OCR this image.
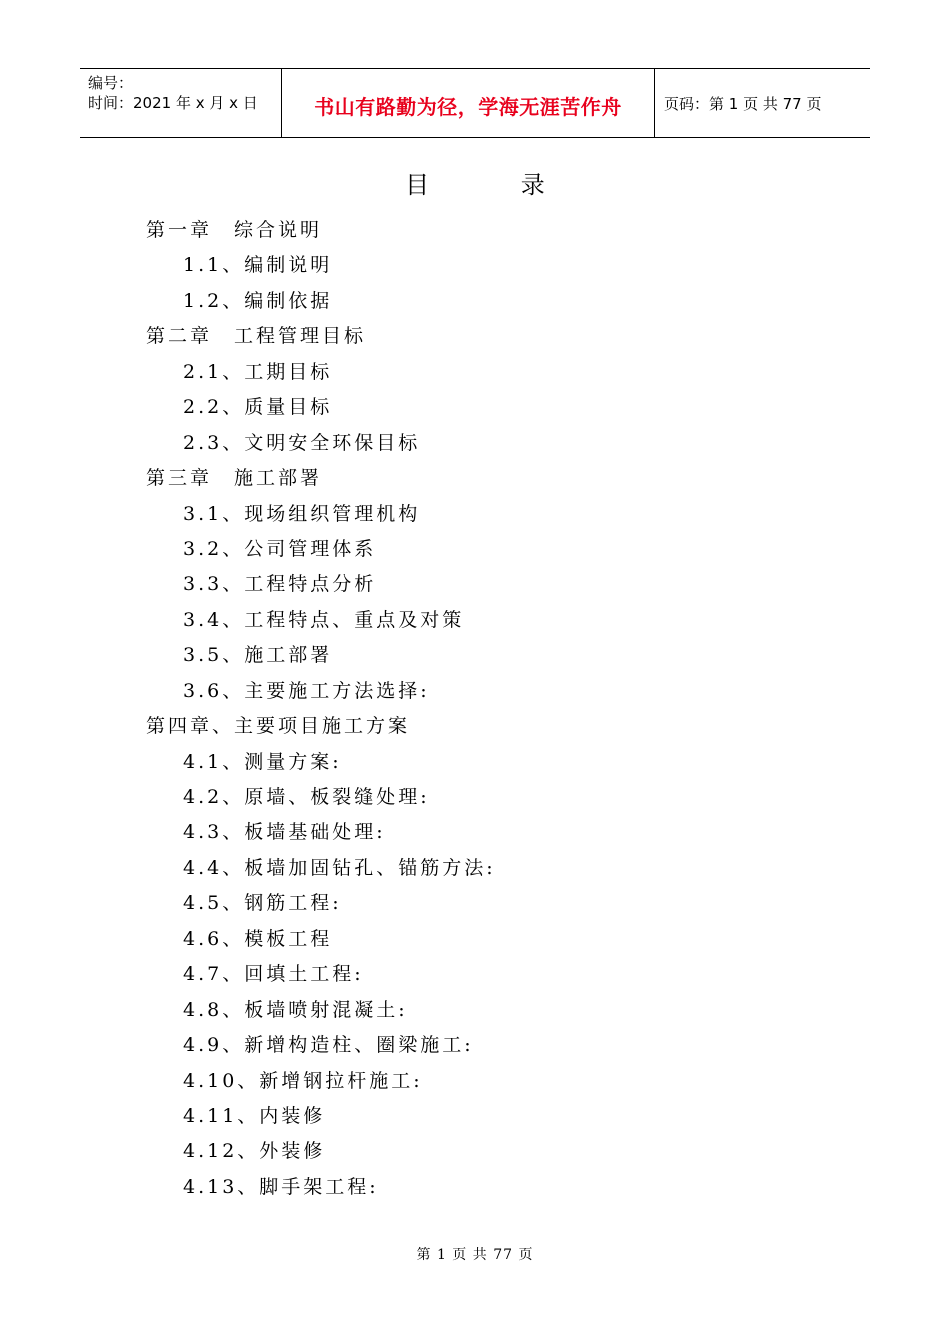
编号：
时间：2021 年 x 月 x 日	书山有路勤为径，学海无涯苦作舟	页码：第 1 页 共 77 页
目 录
第一章　综合说明
1.1、编制说明
1.2、编制依据
第二章　工程管理目标
2.1、工期目标
2.2、质量目标
2.3、文明安全环保目标
第三章　施工部署
3.1、现场组织管理机构
3.2、公司管理体系
3.3、工程特点分析
3.4、工程特点、重点及对策
3.5、施工部署
3.6、主要施工方法选择:
第四章、主要项目施工方案
4.1、测量方案:
4.2、原墙、板裂缝处理:
4.3、板墙基础处理:
4.4、板墙加固钻孔、锚筋方法:
4.5、钢筋工程:
4.6、模板工程
4.7、回填土工程:
4.8、板墙喷射混凝土:
4.9、新增构造柱、圈梁施工:
4.10、新增钢拉杆施工:
4.11、内装修
4.12、外装修
4.13、脚手架工程:
第 1 页 共 77 页
